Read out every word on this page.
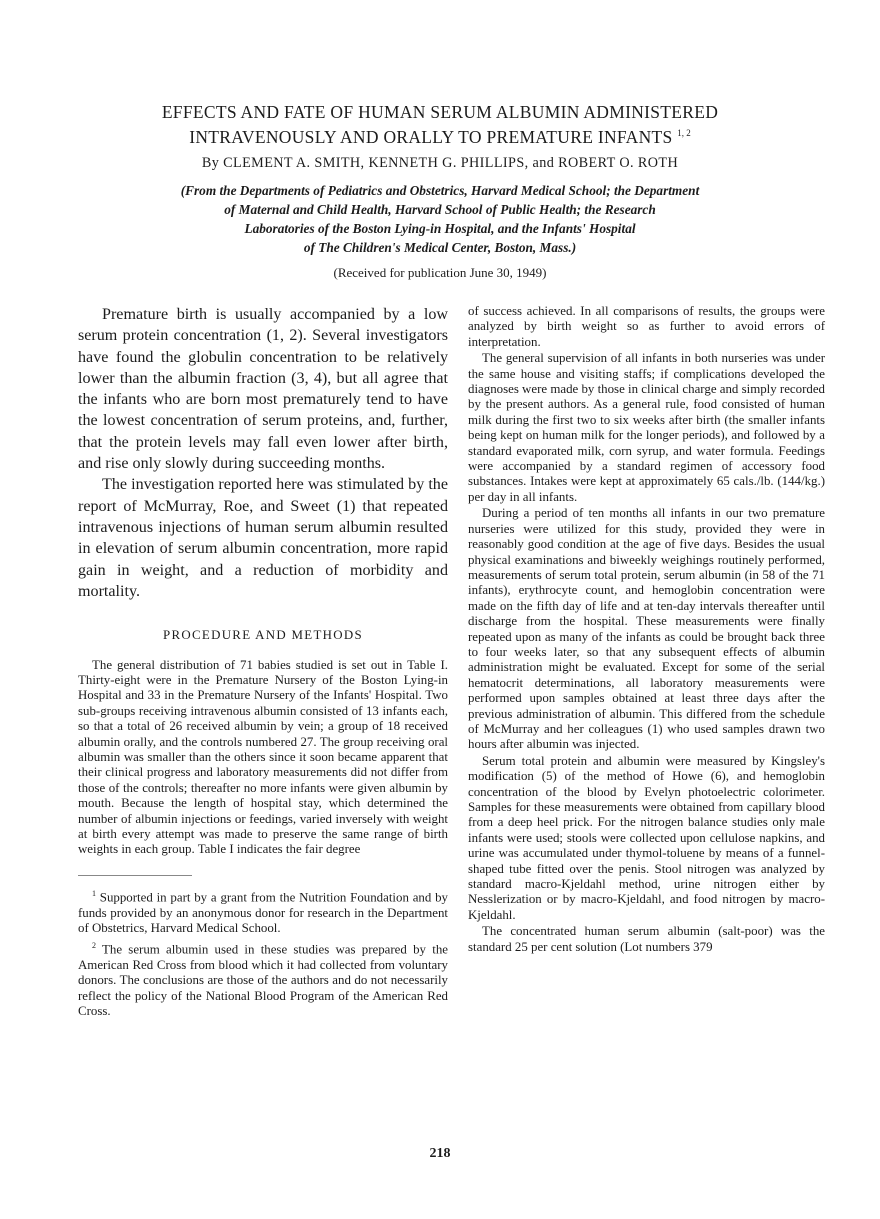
EFFECTS AND FATE OF HUMAN SERUM ALBUMIN ADMINISTERED
INTRAVENOUSLY AND ORALLY TO PREMATURE INFANTS $^{1, 2}$

By CLEMENT A. SMITH, KENNETH G. PHILLIPS, and ROBERT O. ROTH

(From the Departments of Pediatrics and Obstetrics, Harvard Medical School; the Department
of Maternal and Child Health, Harvard School of Public Health; the Research
Laboratories of the Boston Lying-in Hospital, and the Infants' Hospital
of The Children's Medical Center, Boston, Mass.)

(Received for publication June 30, 1949)

Premature birth is usually accompanied by a low serum protein concentration (1, 2). Several investigators have found the globulin concentration to be relatively lower than the albumin fraction (3, 4), but all agree that the infants who are born most prematurely tend to have the lowest concentration of serum proteins, and, further, that the protein levels may fall even lower after birth, and rise only slowly during succeeding months.

The investigation reported here was stimulated by the report of McMurray, Roe, and Sweet (1) that repeated intravenous injections of human serum albumin resulted in elevation of serum albumin concentration, more rapid gain in weight, and a reduction of morbidity and mortality.

PROCEDURE AND METHODS

The general distribution of 71 babies studied is set out in Table I. Thirty-eight were in the Premature Nursery of the Boston Lying-in Hospital and 33 in the Premature Nursery of the Infants' Hospital. Two sub-groups receiving intravenous albumin consisted of 13 infants each, so that a total of 26 received albumin by vein; a group of 18 received albumin orally, and the controls numbered 27. The group receiving oral albumin was smaller than the others since it soon became apparent that their clinical progress and laboratory measurements did not differ from those of the controls; thereafter no more infants were given albumin by mouth. Because the length of hospital stay, which determined the number of albumin injections or feedings, varied inversely with weight at birth every attempt was made to preserve the same range of birth weights in each group. Table I indicates the fair degree

$^1$ Supported in part by a grant from the Nutrition Foundation and by funds provided by an anonymous donor for research in the Department of Obstetrics, Harvard Medical School.

$^2$ The serum albumin used in these studies was prepared by the American Red Cross from blood which it had collected from voluntary donors. The conclusions are those of the authors and do not necessarily reflect the policy of the National Blood Program of the American Red Cross.

of success achieved. In all comparisons of results, the groups were analyzed by birth weight so as further to avoid errors of interpretation.

The general supervision of all infants in both nurseries was under the same house and visiting staffs; if complications developed the diagnoses were made by those in clinical charge and simply recorded by the present authors. As a general rule, food consisted of human milk during the first two to six weeks after birth (the smaller infants being kept on human milk for the longer periods), and followed by a standard evaporated milk, corn syrup, and water formula. Feedings were accompanied by a standard regimen of accessory food substances. Intakes were kept at approximately 65 cals./lb. (144/kg.) per day in all infants.

During a period of ten months all infants in our two premature nurseries were utilized for this study, provided they were in reasonably good condition at the age of five days. Besides the usual physical examinations and biweekly weighings routinely performed, measurements of serum total protein, serum albumin (in 58 of the 71 infants), erythrocyte count, and hemoglobin concentration were made on the fifth day of life and at ten-day intervals thereafter until discharge from the hospital. These measurements were finally repeated upon as many of the infants as could be brought back three to four weeks later, so that any subsequent effects of albumin administration might be evaluated. Except for some of the serial hematocrit determinations, all laboratory measurements were performed upon samples obtained at least three days after the previous administration of albumin. This differed from the schedule of McMurray and her colleagues (1) who used samples drawn two hours after albumin was injected.

Serum total protein and albumin were measured by Kingsley's modification (5) of the method of Howe (6), and hemoglobin concentration of the blood by Evelyn photoelectric colorimeter. Samples for these measurements were obtained from capillary blood from a deep heel prick. For the nitrogen balance studies only male infants were used; stools were collected upon cellulose napkins, and urine was accumulated under thymol-toluene by means of a funnel-shaped tube fitted over the penis. Stool nitrogen was analyzed by standard macro-Kjeldahl method, urine nitrogen either by Nesslerization or by macro-Kjeldahl, and food nitrogen by macro-Kjeldahl.

The concentrated human serum albumin (salt-poor) was the standard 25 per cent solution (Lot numbers 379

218
